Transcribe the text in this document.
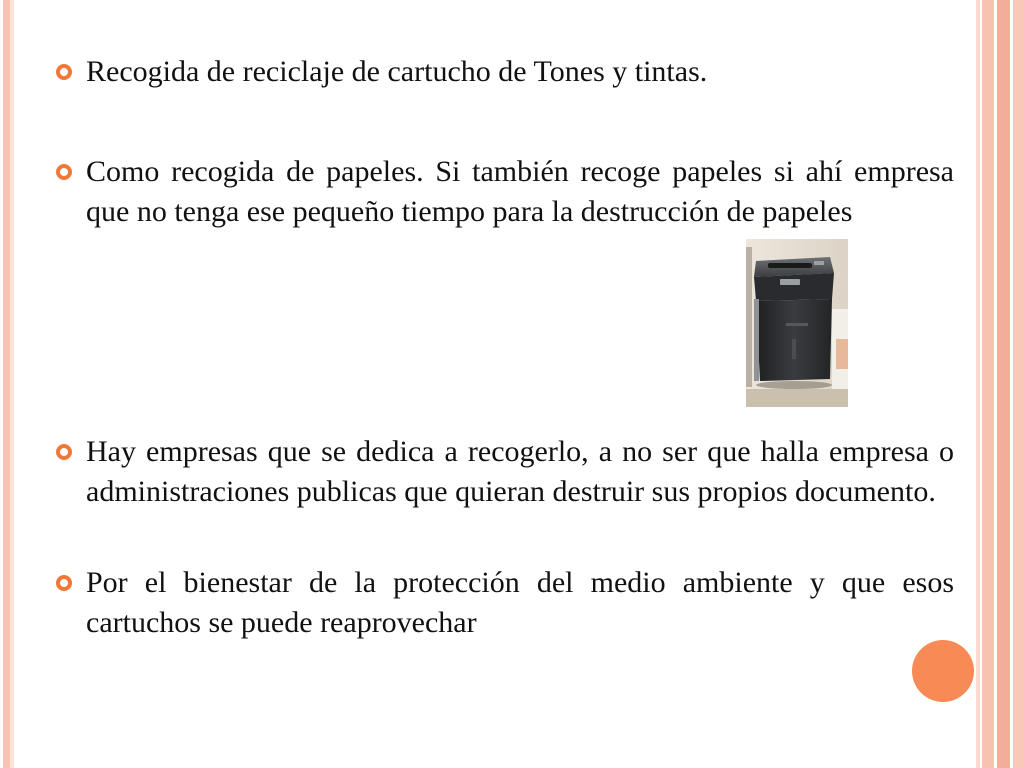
Recogida de reciclaje de cartucho de Tones y tintas.
Como recogida de papeles. Si también recoge papeles si ahí empresa que no tenga ese pequeño tiempo para la destrucción de papeles
Hay empresas que se dedica a recogerlo, a no ser que halla empresa o administraciones publicas que quieran destruir sus propios documento.
Por el bienestar de la protección del medio ambiente y que esos cartuchos se puede reaprovechar
